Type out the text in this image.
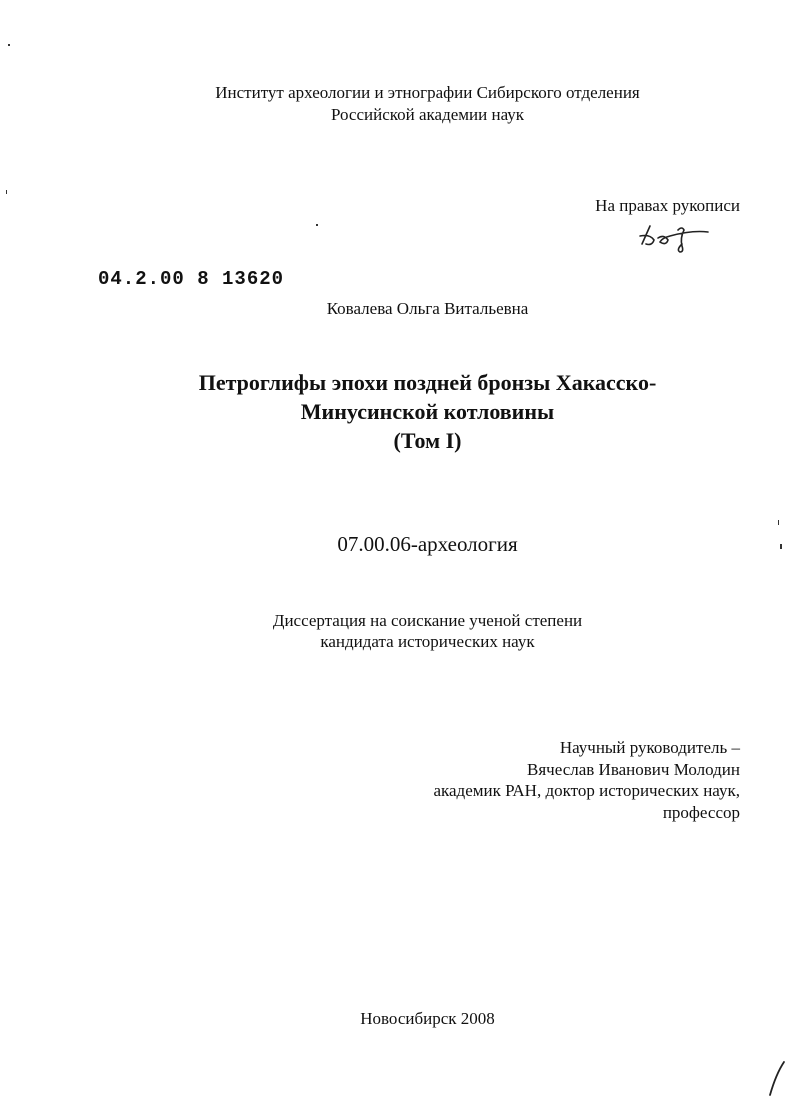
Институт археологии и этнографии Сибирского отделения
Российской академии наук
На правах рукописи
04.2.00 8 13620
Ковалева Ольга Витальевна
Петроглифы эпохи поздней бронзы Хакасско-
Минусинской котловины
(Том I)
07.00.06-археология
Диссертация на соискание ученой степени
кандидата исторических наук
Научный руководитель –
Вячеслав Иванович Молодин
академик РАН, доктор исторических наук,
профессор
Новосибирск 2008
